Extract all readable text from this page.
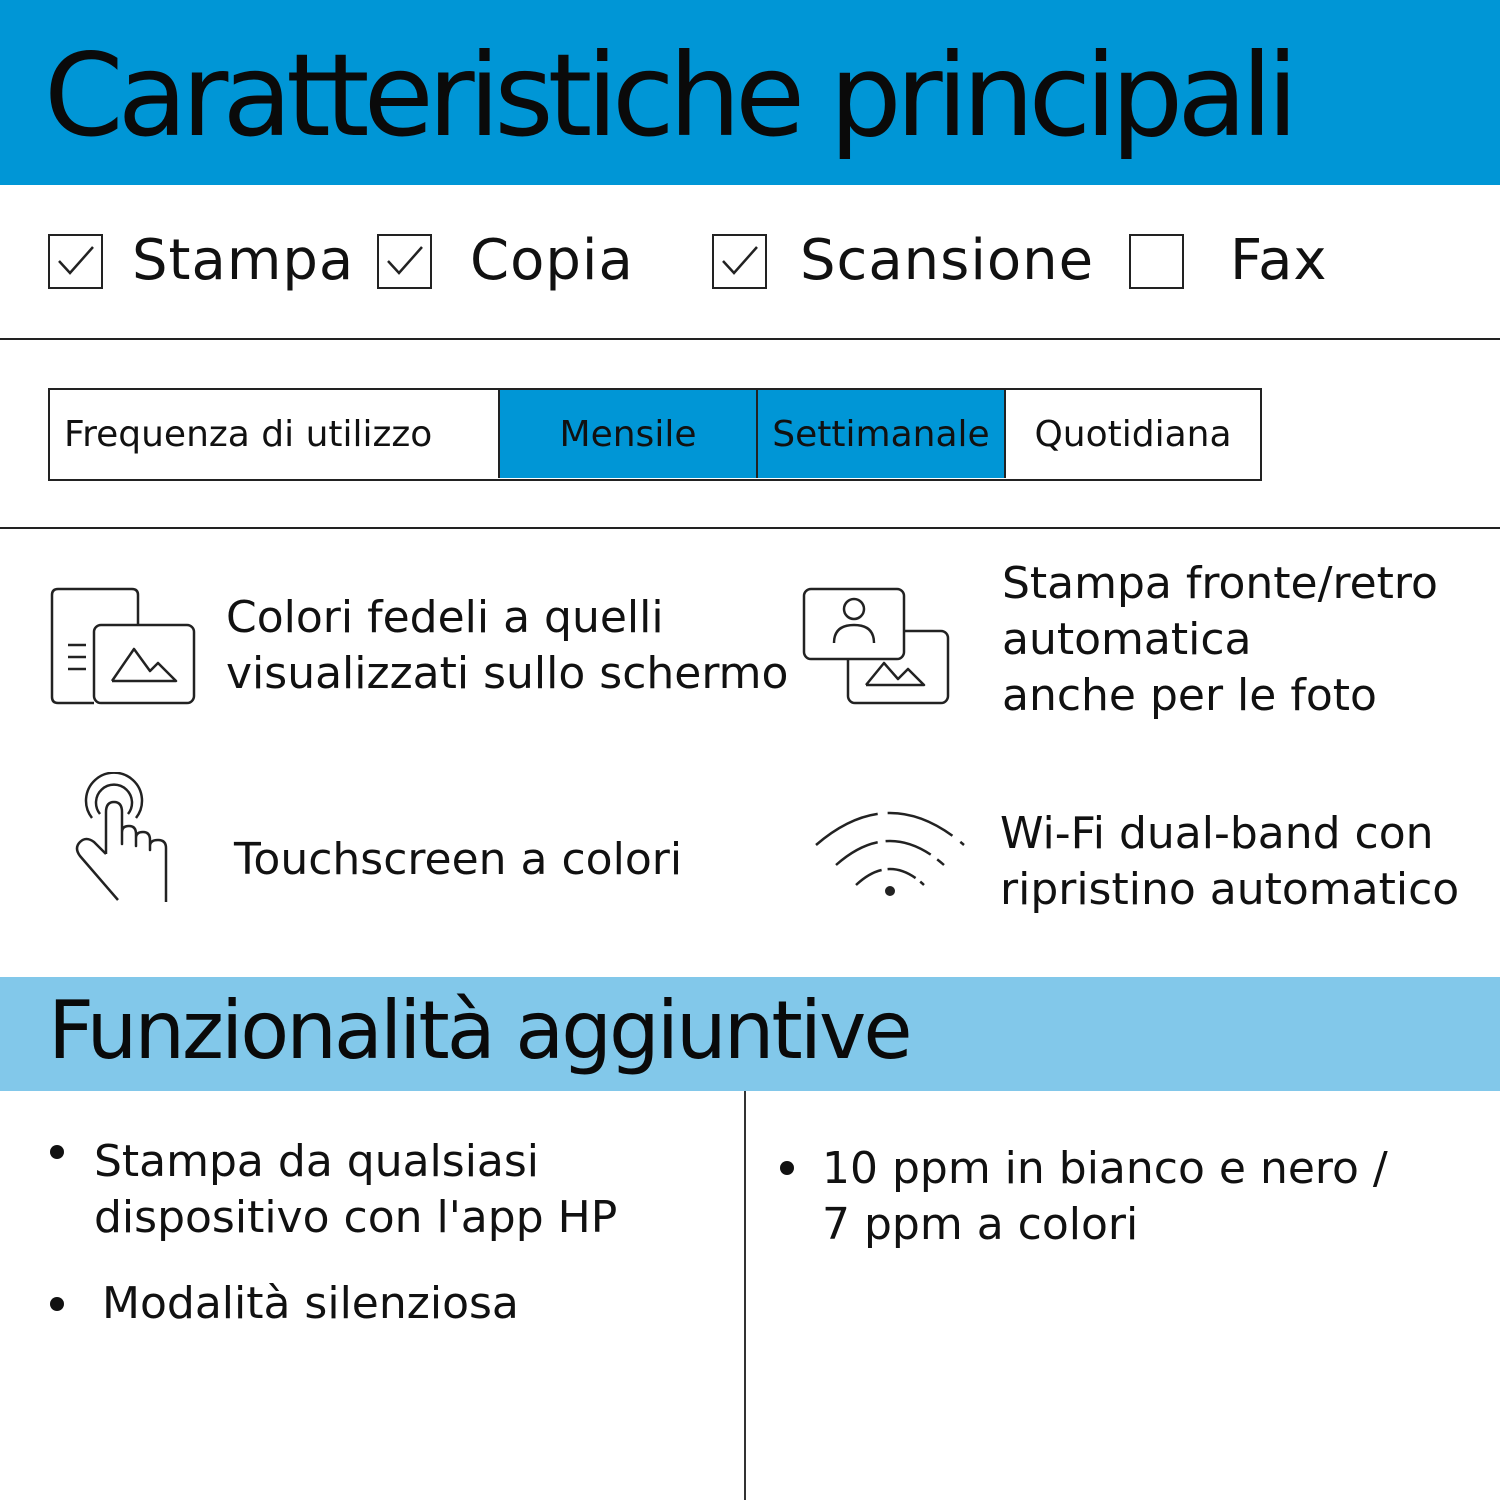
Caratteristiche principali
Stampa Copia	Scansione Fax
Frequenza di utilizzo	Mensile	Settimanale	Quotidiana
Colori fedeli a quelli
visualizzati sullo schermo
Stampa fronte/retro
automatica
anche per le foto
Touchscreen a colori
Wi-Fi dual-band con
ripristino automatico
Funzionalità aggiuntive
Stampa da qualsiasi
dispositivo con l'app HP
Modalità silenziosa
10 ppm in bianco e nero /
7 ppm a colori
